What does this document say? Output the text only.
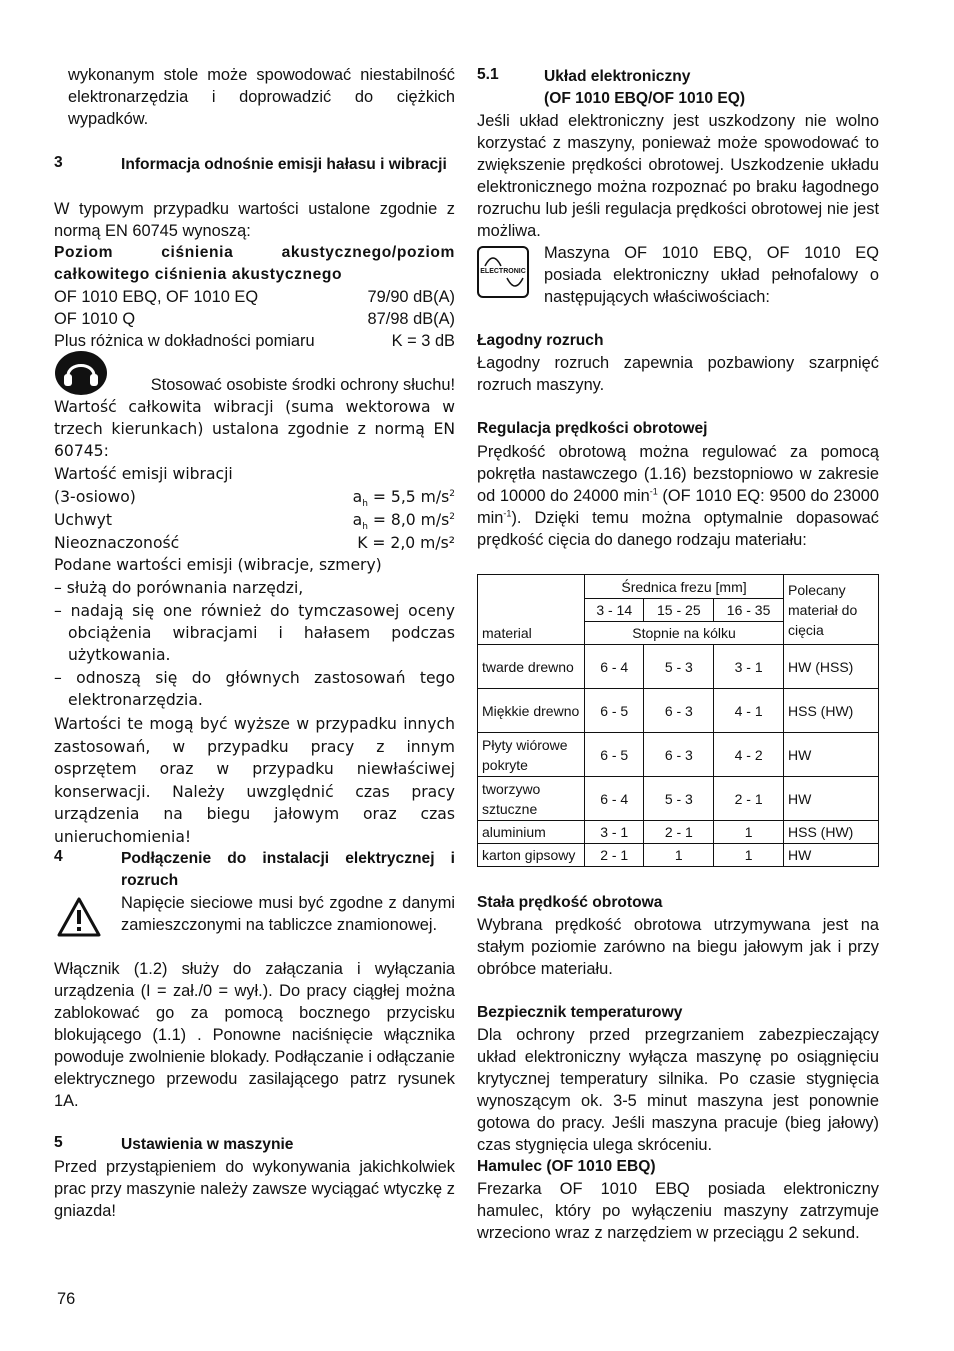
wykonanym stole może spowodować niestabilność elektronarzędzia i doprowadzić do ciężkich wypadków.

3	Informacja odnośnie emisji hałasu i wibracji

W typowym przypadku wartości ustalone zgodnie z normą EN 60745 wynoszą:

Poziom ciśnienia akustycznego/poziom całkowitego ciśnienia akustycznego

OF 1010 EBQ, OF 1010 EQ	79/90 dB(A)
OF 1010 Q	87/98 dB(A)
Plus różnica w dokładności pomiaru	K = 3 dB
Stosować osobiste środki ochrony słuchu!

Wartość całkowita wibracji (suma wektorowa w trzech kierunkach) ustalona zgodnie z normą EN 60745:

Wartość emisji wibracji

(3-osiowo)	$a_h = 5,5$ $m/s^2$
Uchwyt	$a_h = 8,0$ $m/s^2$
Nieoznaczoność	K = 2,0 m/s²

Podane wartości emisji (wibracje, szmery)

– służą do porównania narzędzi,

– nadają się one również do tymczasowej oceny obciążenia wibracjami i hałasem podczas użytkowania.

– odnoszą się do głównych zastosowań tego elektronarzędzia.

Wartości te mogą być wyższe w przypadku innych zastosowań, w przypadku pracy z innym osprzętem oraz w przypadku niewłaściwej konserwacji. Należy uwzględnić czas pracy urządzenia na biegu jałowym oraz czas unieruchomienia!

4	Podłączenie do instalacji elektrycznej i rozruch

Napięcie sieciowe musi być zgodne z danymi zamieszczonymi na tabliczce znamionowej.

Włącznik (1.2) służy do załączania i wyłączania urządzenia (I = zał./0 = wył.). Do pracy ciągłej można zablokować go za pomocą bocznego przycisku blokującego (1.1) . Ponowne naciśnięcie włącznika powoduje zwolnienie blokady. Podłączanie i odłączanie elektrycznego przewodu zasilającego patrz rysunek 1A.

5	Ustawienia w maszynie

Przed przystąpieniem do wykonywania jakichkolwiek prac przy maszynie należy zawsze wyciągać wtyczkę z gniazda!

5.1	Układ elektroniczny
(OF 1010 EBQ/OF 1010 EQ)

Jeśli układ elektroniczny jest uszkodzony nie wolno korzystać z maszyny, ponieważ może spowodować to zwiększenie prędkości obrotowej. Uszkodzenie układu elektronicznego można rozpoznać po braku łagodnego rozruchu lub jeśli regulacja prędkości obrotowej nie jest możliwa.

ELECTRONIC

Maszyna OF 1010 EBQ, OF 1010 EQ posiada elektroniczny układ pełnofalowy o następujących właściwościach:

Łagodny rozruch

Łagodny rozruch zapewnia pozbawiony szarpnięć rozruch maszyny.

Regulacja prędkości obrotowej

Prędkość obrotową można regulować za pomocą pokrętła nastawczego (1.16) bezstopniowo w zakresie od 10000 do 24000 $\min^{-1} (OF$ 1010 EQ: 9500 do 23000 $\min^{-1}$). Dzięki temu można optymalnie dopasować prędkość cięcia do danego rodzaju materiału:

Stała prędkość obrotowa

Wybrana prędkość obrotowa utrzymywana jest na stałym poziomie zarówno na biegu jałowym jak i przy obróbce materiału.

Bezpiecznik temperaturowy

Dla ochrony przed przegrzaniem zabezpieczający układ elektroniczny wyłącza maszynę po osiągnięciu krytycznej temperatury silnika. Po czasie stygnięcia wynoszącym ok. 3-5 minut maszyna jest ponownie gotowa do pracy. Jeśli maszyna pracuje (bieg jałowy) czas stygnięcia ulega skróceniu.

Hamulec (OF 1010 EBQ)

Frezarka OF 1010 EBQ posiada elektroniczny hamulec, który po wyłączeniu maszyny zatrzymuje wrzeciono wraz z narzędziem w przeciągu 2 sekund.

material	Średnica frezu [mm]			Polecany materiał do cięcia
	3 - 14	15 - 25	16 - 35	
	Stopnie na kólku			
twarde drewno	6 - 4	5 - 3	3 - 1	HW (HSS)
Miękkie drewno	6 - 5	6 - 3	4 - 1	HSS (HW)
Płyty wiórowe pokryte	6 - 5	6 - 3	4 - 2	HW
tworzywo sztuczne	6 - 4	5 - 3	2 - 1	HW
aluminium	3 - 1	2 - 1	1	HSS (HW)
karton gipsowy	2 - 1	1	1	HW
76
